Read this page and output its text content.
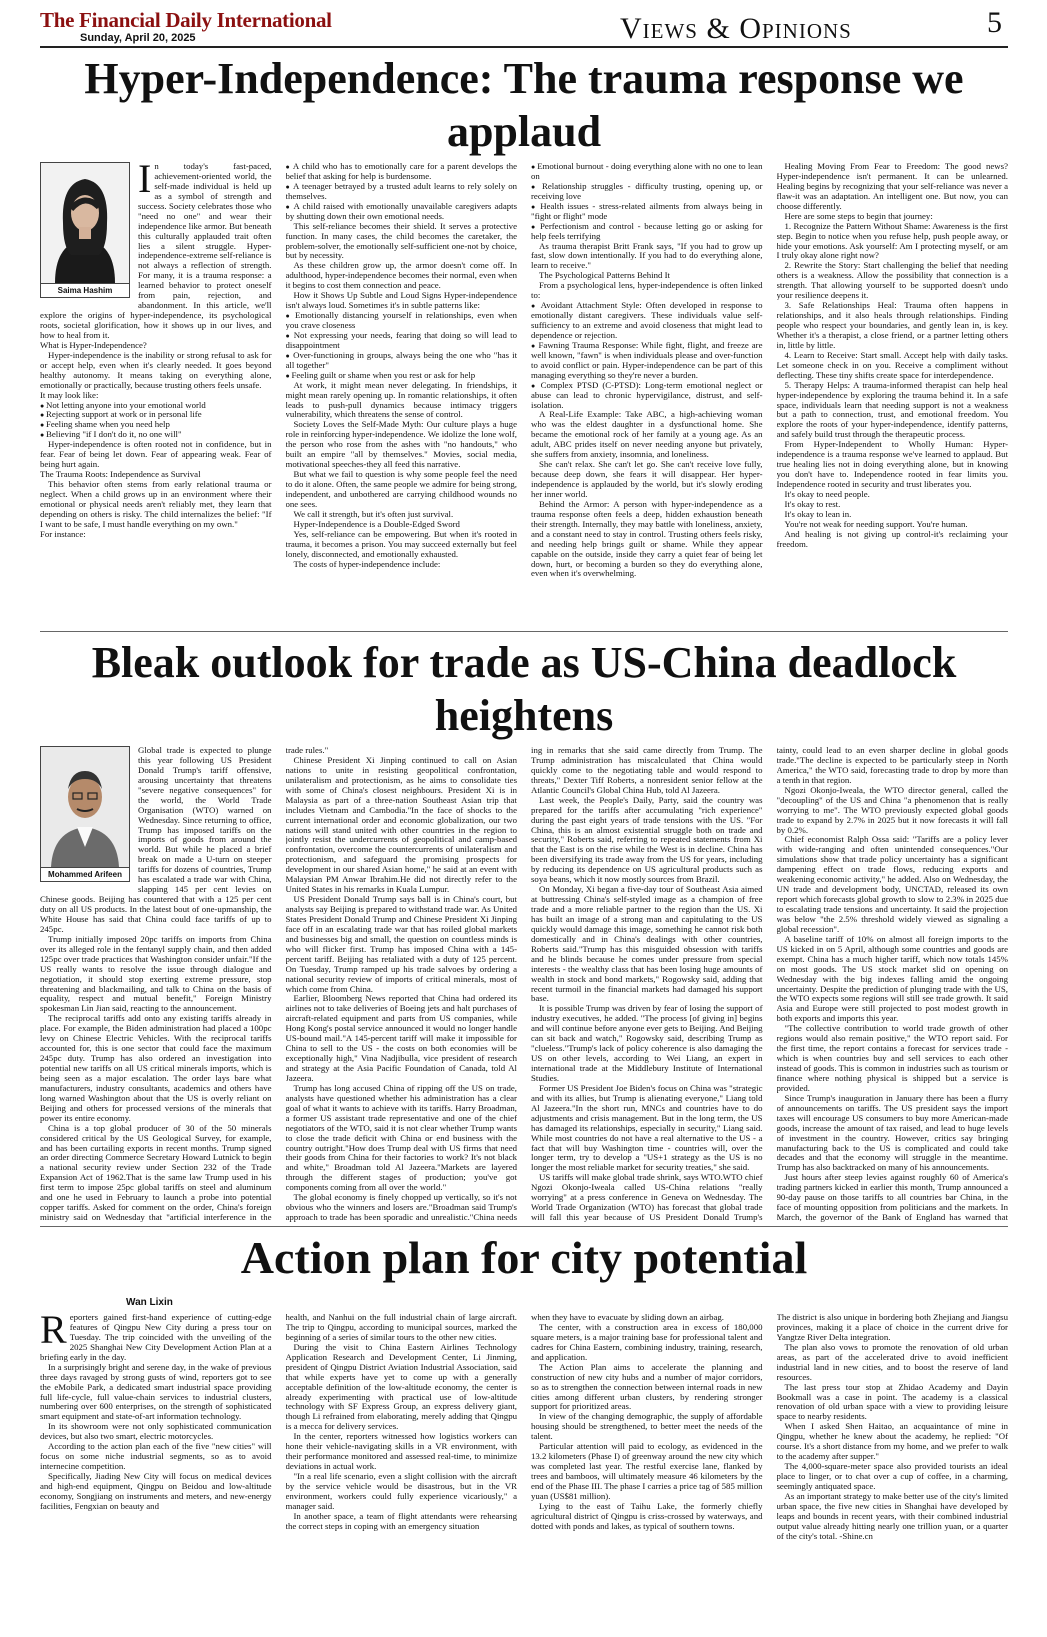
The Financial Daily International
Sunday, April 20, 2025	Views & Opinions	5
Hyper-Independence: The trauma response we applaud
Saima Hashim

In today's fast-paced, achievement-oriented world, the self-made individual is held up as a symbol of strength and success. Society celebrates those who "need no one" and wear their independence like armor. But beneath this culturally applauded trait often lies a silent struggle. Hyper-independence-extreme self-reliance is not always a reflection of strength. For many, it is a trauma response: a learned behavior to protect oneself from pain, rejection, and abandonment. In this article, we'll explore the origins of hyper-independence, its psychological roots, societal glorification, how it shows up in our lives, and how to heal from it.

What is Hyper-Independence?

Hyper-independence is the inability or strong refusal to ask for or accept help, even when it's clearly needed. It goes beyond healthy autonomy. It means taking on everything alone, emotionally or practically, because trusting others feels unsafe.

It may look like:

● Not letting anyone into your emotional world

● Rejecting support at work or in personal life

● Feeling shame when you need help

● Believing "if I don't do it, no one will"

Hyper-independence is often rooted not in confidence, but in fear. Fear of being let down. Fear of appearing weak. Fear of being hurt again.

The Trauma Roots: Independence as Survival

This behavior often stems from early relational trauma or neglect. When a child grows up in an environment where their emotional or physical needs aren't reliably met, they learn that depending on others is risky. The child internalizes the belief: "If I want to be safe, I must handle everything on my own."

For instance:

● A child who has to emotionally care for a parent develops the belief that asking for help is burdensome.

● A teenager betrayed by a trusted adult learns to rely solely on themselves.

● A child raised with emotionally unavailable caregivers adapts by shutting down their own emotional needs.

This self-reliance becomes their shield. It serves a protective function. In many cases, the child becomes the caretaker, the problem-solver, the emotionally self-sufficient one-not by choice, but by necessity.

As these children grow up, the armor doesn't come off. In adulthood, hyper-independence becomes their normal, even when it begins to cost them connection and peace.

How it Shows Up Subtle and Loud Signs Hyper-independence isn't always loud. Sometimes it's in subtle patterns like:

● Emotionally distancing yourself in relationships, even when you crave closeness

● Not expressing your needs, fearing that doing so will lead to disappointment

● Over-functioning in groups, always being the one who "has it all together"

● Feeling guilt or shame when you rest or ask for help

At work, it might mean never delegating. In friendships, it might mean rarely opening up. In romantic relationships, it often leads to push-pull dynamics because intimacy triggers vulnerability, which threatens the sense of control.

Society Loves the Self-Made Myth: Our culture plays a huge role in reinforcing hyper-independence. We idolize the lone wolf, the person who rose from the ashes with "no handouts," who built an empire "all by themselves." Movies, social media, motivational speeches-they all feed this narrative.

But what we fail to question is why some people feel the need to do it alone. Often, the same people we admire for being strong, independent, and unbothered are carrying childhood wounds no one sees.

We call it strength, but it's often just survival.

Hyper-Independence is a Double-Edged Sword

Yes, self-reliance can be empowering. But when it's rooted in trauma, it becomes a prison. You may succeed externally but feel lonely, disconnected, and emotionally exhausted.

The costs of hyper-independence include:

● Emotional burnout - doing everything alone with no one to lean on

● Relationship struggles - difficulty trusting, opening up, or receiving love

● Health issues - stress-related ailments from always being in "fight or flight" mode

● Perfectionism and control - because letting go or asking for help feels terrifying

As trauma therapist Britt Frank says, "If you had to grow up fast, slow down intentionally. If you had to do everything alone, learn to receive."

The Psychological Patterns Behind It

From a psychological lens, hyper-independence is often linked to:

● Avoidant Attachment Style: Often developed in response to emotionally distant caregivers. These individuals value self-sufficiency to an extreme and avoid closeness that might lead to dependence or rejection.

● Fawning Trauma Response: While fight, flight, and freeze are well known, "fawn" is when individuals please and over-function to avoid conflict or pain. Hyper-independence can be part of this managing everything so they're never a burden.

● Complex PTSD (C-PTSD): Long-term emotional neglect or abuse can lead to chronic hypervigilance, distrust, and self-isolation.

A Real-Life Example: Take ABC, a high-achieving woman who was the eldest daughter in a dysfunctional home. She became the emotional rock of her family at a young age. As an adult, ABC prides itself on never needing anyone but privately, she suffers from anxiety, insomnia, and loneliness.

She can't relax. She can't let go. She can't receive love fully, because deep down, she fears it will disappear. Her hyper-independence is applauded by the world, but it's slowly eroding her inner world.

Behind the Armor: A person with hyper-independence as a trauma response often feels a deep, hidden exhaustion beneath their strength. Internally, they may battle with loneliness, anxiety, and a constant need to stay in control. Trusting others feels risky, and needing help brings guilt or shame. While they appear capable on the outside, inside they carry a quiet fear of being let down, hurt, or becoming a burden so they do everything alone, even when it's overwhelming.

Healing Moving From Fear to Freedom: The good news? Hyper-independence isn't permanent. It can be unlearned. Healing begins by recognizing that your self-reliance was never a flaw-it was an adaptation. An intelligent one. But now, you can choose differently.

Here are some steps to begin that journey:

1. Recognize the Pattern Without Shame: Awareness is the first step. Begin to notice when you refuse help, push people away, or hide your emotions. Ask yourself: Am I protecting myself, or am I truly okay alone right now?

2. Rewrite the Story: Start challenging the belief that needing others is a weakness. Allow the possibility that connection is a strength. That allowing yourself to be supported doesn't undo your resilience deepens it.

3. Safe Relationships Heal: Trauma often happens in relationships, and it also heals through relationships. Finding people who respect your boundaries, and gently lean in, is key. Whether it's a therapist, a close friend, or a partner letting others in, little by little.

4. Learn to Receive: Start small. Accept help with daily tasks. Let someone check in on you. Receive a compliment without deflecting. These tiny shifts create space for interdependence.

5. Therapy Helps: A trauma-informed therapist can help heal hyper-independence by exploring the trauma behind it. In a safe space, individuals learn that needing support is not a weakness but a path to connection, trust, and emotional freedom. You explore the roots of your hyper-independence, identify patterns, and safely build trust through the therapeutic process.

From Hyper-Independent to Wholly Human: Hyper-independence is a trauma response we've learned to applaud. But true healing lies not in doing everything alone, but in knowing you don't have to. Independence rooted in fear limits you. Independence rooted in security and trust liberates you.

It's okay to need people.

It's okay to rest.

It's okay to lean in.

You're not weak for needing support. You're human.

And healing is not giving up control-it's reclaiming your freedom.

Bleak outlook for trade as US-China deadlock heightens
Mohammed Arifeen

Global trade is expected to plunge this year following US President Donald Trump's tariff offensive, arousing uncertainty that threatens "severe negative consequences" for the world, the World Trade Organisation (WTO) warned on Wednesday. Since returning to office, Trump has imposed tariffs on the imports of goods from around the world. But while he placed a brief break on made a U-turn on steeper tariffs for dozens of countries, Trump has escalated a trade war with China, slapping 145 per cent levies on Chinese goods. Beijing has countered that with a 125 per cent duty on all US products. In the latest bout of one-upmanship, the White House has said that China could face tariffs of up to 245pc.

Trump initially imposed 20pc tariffs on imports from China over its alleged role in the fentanyl supply chain, and then added 125pc over trade practices that Washington consider unfair."If the US really wants to resolve the issue through dialogue and negotiation, it should stop exerting extreme pressure, stop threatening and blackmailing, and talk to China on the basis of equality, respect and mutual benefit," Foreign Ministry spokesman Lin Jian said, reacting to the announcement.

The reciprocal tariffs add onto any existing tariffs already in place. For example, the Biden administration had placed a 100pc levy on Chinese Electric Vehicles. With the reciprocal tariffs accounted for, this is one sector that could face the maximum 245pc duty. Trump has also ordered an investigation into potential new tariffs on all US critical minerals imports, which is being seen as a major escalation. The order lays bare what manufacturers, industry consultants, academics and others have long warned Washington about that the US is overly reliant on Beijing and others for processed versions of the minerals that power its entire economy.

China is a top global producer of 30 of the 50 minerals considered critical by the US Geological Survey, for example, and has been curtailing exports in recent months. Trump signed an order directing Commerce Secretary Howard Lutnick to begin a national security review under Section 232 of the Trade Expansion Act of 1962.That is the same law Trump used in his first term to impose 25pc global tariffs on steel and aluminum and one he used in February to launch a probe into potential copper tariffs. Asked for comment on the order, China's foreign ministry said on Wednesday that "artificial interference in the

trade rules."

Chinese President Xi Jinping continued to call on Asian nations to unite in resisting geopolitical confrontation, unilateralism and protectionism, as he aims to consolidate ties with some of China's closest neighbours. President Xi is in Malaysia as part of a three-nation Southeast Asian trip that includes Vietnam and Cambodia."In the face of shocks to the current international order and economic globalization, our two nations will stand united with other countries in the region to jointly resist the undercurrents of geopolitical and camp-based confrontation, overcome the countercurrents of unilateralism and protectionism, and safeguard the promising prospects for development in our shared Asian home," he said at an event with Malaysian PM Anwar Ibrahim.He did not directly refer to the United States in his remarks in Kuala Lumpur.

US President Donald Trump says ball is in China's court, but analysts say Beijing is prepared to withstand trade war. As United States President Donald Trump and Chinese President Xi Jinping face off in an escalating trade war that has roiled global markets and businesses big and small, the question on countless minds is who will flicker first. Trump has imposed China with a 145-percent tariff. Beijing has retaliated with a duty of 125 percent. On Tuesday, Trump ramped up his trade salvoes by ordering a national security review of imports of critical minerals, most of which come from China.

Earlier, Bloomberg News reported that China had ordered its airlines not to take deliveries of Boeing jets and halt purchases of aircraft-related equipment and parts from US companies, while Hong Kong's postal service announced it would no longer handle US-bound mail."A 145-percent tariff will make it impossible for China to sell to the US - the costs on both economies will be exceptionally high," Vina Nadjibulla, vice president of research and strategy at the Asia Pacific Foundation of Canada, told Al Jazeera.

Trump has long accused China of ripping off the US on trade, analysts have questioned whether his administration has a clear goal of what it wants to achieve with its tariffs. Harry Broadman, a former US assistant trade representative and one of the chief negotiators of the WTO, said it is not clear whether Trump wants to close the trade deficit with China or end business with the country outright."How does Trump deal with US firms that need their goods from China for their factories to work? It's not black and white," Broadman told Al Jazeera."Markets are layered through the different stages of production; you've got components coming from all over the world."

The global economy is finely chopped up vertically, so it's not obvious who the winners and losers are."Broadman said Trump's approach to trade has been sporadic and unrealistic."China needs

ing in remarks that she said came directly from Trump. The Trump administration has miscalculated that China would quickly come to the negotiating table and would respond to threats," Dexter Tiff Roberts, a nonresident senior fellow at the Atlantic Council's Global China Hub, told Al Jazeera.

Last week, the People's Daily, Party, said the country was prepared for the tariffs after accumulating "rich experience" during the past eight years of trade tensions with the US. "For China, this is an almost existential struggle both on trade and security," Roberts said, referring to repeated statements from Xi that the East is on the rise while the West is in decline. China has been diversifying its trade away from the US for years, including by reducing its dependence on US agricultural products such as soya beans, which it now mostly sources from Brazil.

On Monday, Xi began a five-day tour of Southeast Asia aimed at buttressing China's self-styled image as a champion of free trade and a more reliable partner to the region than the US. Xi has built an image of a strong man and capitulating to the US quickly would damage this image, something he cannot risk both domestically and in China's dealings with other countries, Roberts said."Trump has this misguided obsession with tariffs and he blinds because he comes under pressure from special interests - the wealthy class that has been losing huge amounts of wealth in stock and bond markets," Rogowsky said, adding that recent turmoil in the financial markets had damaged his support base.

It is possible Trump was driven by fear of losing the support of industry executives, he added. "The process [of giving in] begins and will continue before anyone ever gets to Beijing. And Beijing can sit back and watch," Rogowsky said, describing Trump as "clueless."Trump's lack of policy coherence is also damaging the US on other levels, according to Wei Liang, an expert in international trade at the Middlebury Institute of International Studies.

Former US President Joe Biden's focus on China was "strategic and with its allies, but Trump is alienating everyone," Liang told Al Jazeera."In the short run, MNCs and countries have to do adjustments and crisis management. But in the long term, the US has damaged its relationships, especially in security," Liang said. While most countries do not have a real alternative to the US - a fact that will buy Washington time - countries will, over the longer term, try to develop a "US+1 strategy as the US is no longer the most reliable market for security treaties," she said.

US tariffs will make global trade shrink, says WTO.WTO chief Ngozi Okonjo-Iweala called US-China relations "really worrying" at a press conference in Geneva on Wednesday. The World Trade Organization (WTO) has forecast that global trade will fall this year because of US President Donald Trump's

tainty, could lead to an even sharper decline in global goods trade."The decline is expected to be particularly steep in North America," the WTO said, forecasting trade to drop by more than a tenth in that region.

Ngozi Okonjo-Iweala, the WTO director general, called the "decoupling" of the US and China "a phenomenon that is really worrying to me". The WTO previously expected global goods trade to expand by 2.7% in 2025 but it now forecasts it will fall by 0.2%.

Chief economist Ralph Ossa said: "Tariffs are a policy lever with wide-ranging and often unintended consequences."Our simulations show that trade policy uncertainty has a significant dampening effect on trade flows, reducing exports and weakening economic activity," he added. Also on Wednesday, the UN trade and development body, UNCTAD, released its own report which forecasts global growth to slow to 2.3% in 2025 due to escalating trade tensions and uncertainty. It said the projection was below "the 2.5% threshold widely viewed as signaling a global recession".

A baseline tariff of 10% on almost all foreign imports to the US kicked in on 5 April, although some countries and goods are exempt. China has a much higher tariff, which now totals 145% on most goods. The US stock market slid on opening on Wednesday with the big indexes falling amid the ongoing uncertainty. Despite the prediction of plunging trade with the US, the WTO expects some regions will still see trade growth. It said Asia and Europe were still projected to post modest growth in both exports and imports this year.

"The collective contribution to world trade growth of other regions would also remain positive," the WTO report said. For the first time, the report contains a forecast for services trade - which is when countries buy and sell services to each other instead of goods. This is common in industries such as tourism or finance where nothing physical is shipped but a service is provided.

Since Trump's inauguration in January there has been a flurry of announcements on tariffs. The US president says the import taxes will encourage US consumers to buy more American-made goods, increase the amount of tax raised, and lead to huge levels of investment in the country. However, critics say bringing manufacturing back to the US is complicated and could take decades and that the economy will struggle in the meantime. Trump has also backtracked on many of his announcements.

Just hours after steep levies against roughly 60 of America's trading partners kicked in earlier this month, Trump announced a 90-day pause on those tariffs to all countries bar China, in the face of mounting opposition from politicians and the markets. In March, the governor of the Bank of England has warned that

Action plan for city potential
Wan Lixin

Reporters gained first-hand experience of cutting-edge features of Qingpu New City during a press tour on Tuesday. The trip coincided with the unveiling of the 2025 Shanghai New City Development Action Plan at a briefing early in the day.

In a surprisingly bright and serene day, in the wake of previous three days ravaged by strong gusts of wind, reporters got to see the eMobile Park, a dedicated smart industrial space providing full life-cycle, full value-chain services to industrial clusters, numbering over 600 enterprises, on the strength of sophisticated smart equipment and state-of-art information technology.

In its showroom were not only sophisticated communication devices, but also two smart, electric motorcycles.

According to the action plan each of the five "new cities" will focus on some niche industrial segments, so as to avoid internecine competition.

Specifically, Jiading New City will focus on medical devices and high-end equipment, Qingpu on Beidou and low-altitude economy, Songjiang on instruments and meters, and new-energy facilities, Fengxian on beauty and

health, and Nanhui on the full industrial chain of large aircraft. The trip to Qingpu, according to municipal sources, marked the beginning of a series of similar tours to the other new cities.

During the visit to China Eastern Airlines Technology Application Research and Development Center, Li Jinming, president of Qingpu District Aviation Industrial Association, said that while experts have yet to come up with a generally acceptable definition of the low-altitude economy, the center is already experimenting with practical use of low-altitude technology with SF Express Group, an express delivery giant, though Li refrained from elaborating, merely adding that Qingpu is a mecca for delivery services.

In the center, reporters witnessed how logistics workers can hone their vehicle-navigating skills in a VR environment, with their performance monitored and assessed real-time, to minimize deviations in actual work.

"In a real life scenario, even a slight collision with the aircraft by the service vehicle would be disastrous, but in the VR environment, workers could fully experience vicariously," a manager said.

In another space, a team of flight attendants were rehearsing the correct steps in coping with an emergency situation

when they have to evacuate by sliding down an airbag.

The center, with a construction area in excess of 180,000 square meters, is a major training base for professional talent and cadres for China Eastern, combining industry, training, research, and application.

The Action Plan aims to accelerate the planning and construction of new city hubs and a number of major corridors, so as to strengthen the connection between internal roads in new cities among different urban clusters, by rendering stronger support for prioritized areas.

In view of the changing demographic, the supply of affordable housing should be strengthened, to better meet the needs of the talent.

Particular attention will paid to ecology, as evidenced in the 13.2 kilometers (Phase I) of greenway around the new city which was completed last year. The restful exercise lane, flanked by trees and bamboos, will ultimately measure 46 kilometers by the end of the Phase III. The phase I carries a price tag of 585 million yuan (US$81 million).

Lying to the east of Taihu Lake, the formerly chiefly agricultural district of Qingpu is criss-crossed by waterways, and dotted with ponds and lakes, as typical of southern towns.

The district is also unique in bordering both Zhejiang and Jiangsu provinces, making it a place of choice in the current drive for Yangtze River Delta integration.

The plan also vows to promote the renovation of old urban areas, as part of the accelerated drive to avoid inefficient industrial land in new cities, and to boost the reserve of land resources.

The last press tour stop at Zhidao Academy and Dayin Bookmall was a case in point. The academy is a classical renovation of old urban space with a view to providing leisure space to nearby residents.

When I asked Shen Haitao, an acquaintance of mine in Qingpu, whether he knew about the academy, he replied: "Of course. It's a short distance from my home, and we prefer to walk to the academy after supper."

The 4,000-square-meter space also provided tourists an ideal place to linger, or to chat over a cup of coffee, in a charming, seemingly antiquated space.

As an important strategy to make better use of the city's limited urban space, the five new cities in Shanghai have developed by leaps and bounds in recent years, with their combined industrial output value already hitting nearly one trillion yuan, or a quarter of the city's total. -Shine.cn
